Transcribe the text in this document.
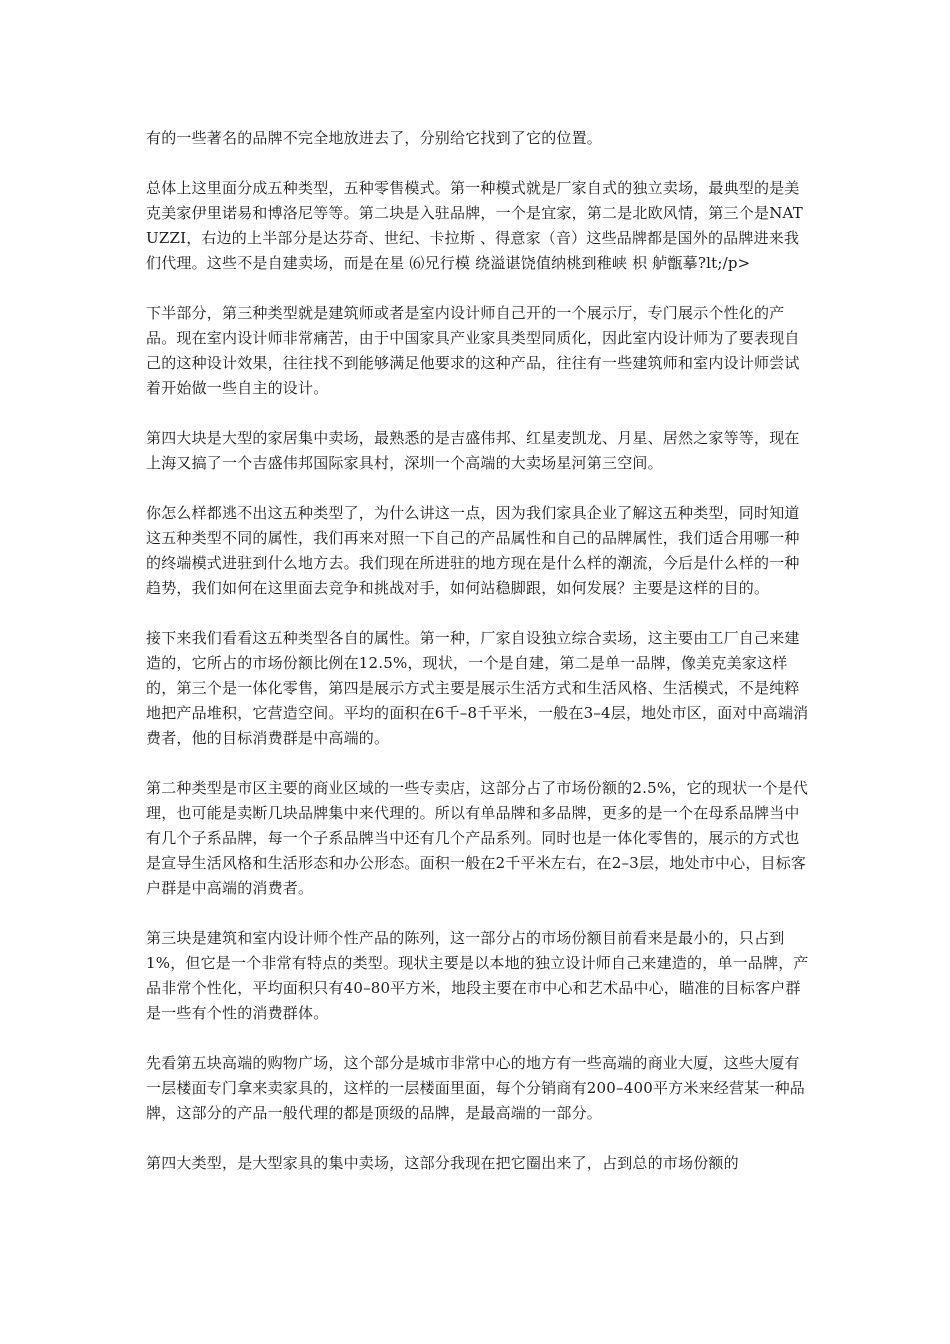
有的一些著名的品牌不完全地放进去了，分别给它找到了它的位置。

总体上这里面分成五种类型，五种零售模式。第一种模式就是厂家自式的独立卖场，最典型的是美克美家伊里诺易和博洛尼等等。第二块是入驻品牌，一个是宜家，第二是北欧风情，第三个是NATUZZI，右边的上半部分是达芬奇、世纪、卡拉斯 、得意家（音）这些品牌都是国外的品牌进来我们代理。这些不是自建卖场，而是在星 ⑹兄行模 绕溢谌饶值纳桃到稚峡 枳 舻甑摹?lt;/p>

下半部分，第三种类型就是建筑师或者是室内设计师自己开的一个展示厅，专门展示个性化的产品。现在室内设计师非常痛苦，由于中国家具产业家具类型同质化，因此室内设计师为了要表现自己的这种设计效果，往往找不到能够满足他要求的这种产品，往往有一些建筑师和室内设计师尝试着开始做一些自主的设计。

第四大块是大型的家居集中卖场，最熟悉的是吉盛伟邦、红星麦凯龙、月星、居然之家等等，现在上海又搞了一个吉盛伟邦国际家具村，深圳一个高端的大卖场星河第三空间。

你怎么样都逃不出这五种类型了，为什么讲这一点，因为我们家具企业了解这五种类型，同时知道这五种类型不同的属性，我们再来对照一下自己的产品属性和自己的品牌属性，我们适合用哪一种的终端模式进驻到什么地方去。我们现在所进驻的地方现在是什么样的潮流，今后是什么样的一种趋势，我们如何在这里面去竞争和挑战对手，如何站稳脚跟，如何发展？主要是这样的目的。

接下来我们看看这五种类型各自的属性。第一种，厂家自设独立综合卖场，这主要由工厂自己来建造的，它所占的市场份额比例在12.5%，现状，一个是自建，第二是单一品牌，像美克美家这样的，第三个是一体化零售，第四是展示方式主要是展示生活方式和生活风格、生活模式，不是纯粹地把产品堆积，它营造空间。平均的面积在6千–8千平米，一般在3–4层，地处市区，面对中高端消费者，他的目标消费群是中高端的。

第二种类型是市区主要的商业区域的一些专卖店，这部分占了市场份额的2.5%，它的现状一个是代理，也可能是卖断几块品牌集中来代理的。所以有单品牌和多品牌，更多的是一个在母系品牌当中有几个子系品牌，每一个子系品牌当中还有几个产品系列。同时也是一体化零售的，展示的方式也是宣导生活风格和生活形态和办公形态。面积一般在2千平米左右，在2–3层，地处市中心，目标客户群是中高端的消费者。

第三块是建筑和室内设计师个性产品的陈列，这一部分占的市场份额目前看来是最小的，只占到1%，但它是一个非常有特点的类型。现状主要是以本地的独立设计师自己来建造的，单一品牌，产品非常个性化，平均面积只有40–80平方米，地段主要在市中心和艺术品中心，瞄准的目标客户群是一些有个性的消费群体。

先看第五块高端的购物广场，这个部分是城市非常中心的地方有一些高端的商业大厦，这些大厦有一层楼面专门拿来卖家具的，这样的一层楼面里面，每个分销商有200–400平方米来经营某一种品牌，这部分的产品一般代理的都是顶级的品牌，是最高端的一部分。

第四大类型，是大型家具的集中卖场，这部分我现在把它圈出来了，占到总的市场份额的
